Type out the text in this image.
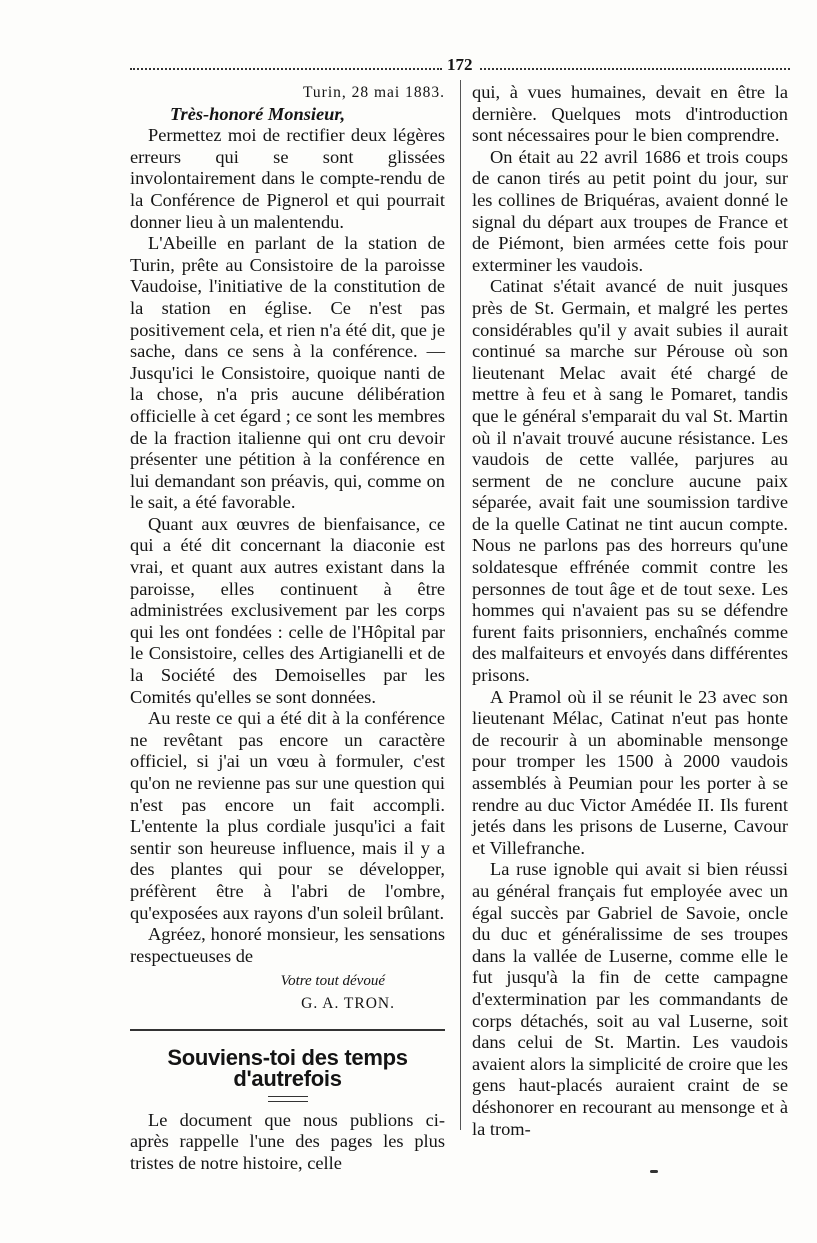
172

Turin, 28 mai 1883.

Très-honoré Monsieur,

Permettez moi de rectifier deux légères erreurs qui se sont glissées involontairement dans le compte-rendu de la Conférence de Pignerol et qui pourrait donner lieu à un malentendu.

L'Abeille en parlant de la station de Turin, prête au Consistoire de la paroisse Vaudoise, l'initiative de la constitution de la station en église. Ce n'est pas positivement cela, et rien n'a été dit, que je sache, dans ce sens à la conférence. — Jusqu'ici le Consistoire, quoique nanti de la chose, n'a pris aucune délibération officielle à cet égard ; ce sont les membres de la fraction italienne qui ont cru devoir présenter une pétition à la conférence en lui demandant son préavis, qui, comme on le sait, a été favorable.

Quant aux œuvres de bienfaisance, ce qui a été dit concernant la diaconie est vrai, et quant aux autres existant dans la paroisse, elles continuent à être administrées exclusivement par les corps qui les ont fondées : celle de l'Hôpital par le Consistoire, celles des Artigianelli et de la Société des Demoiselles par les Comités qu'elles se sont données.

Au reste ce qui a été dit à la conférence ne revêtant pas encore un caractère officiel, si j'ai un vœu à formuler, c'est qu'on ne revienne pas sur une question qui n'est pas encore un fait accompli. L'entente la plus cordiale jusqu'ici a fait sentir son heureuse influence, mais il y a des plantes qui pour se développer, préfèrent être à l'abri de l'ombre, qu'exposées aux rayons d'un soleil brûlant.

Agréez, honoré monsieur, les sensations respectueuses de

Votre tout dévoué

G. A. TRON.

Souviens-toi des temps d'autrefois

Le document que nous publions ci-après rappelle l'une des pages les plus tristes de notre histoire, celle

qui, à vues humaines, devait en être la dernière. Quelques mots d'introduction sont nécessaires pour le bien comprendre.

On était au 22 avril 1686 et trois coups de canon tirés au petit point du jour, sur les collines de Briquéras, avaient donné le signal du départ aux troupes de France et de Piémont, bien armées cette fois pour exterminer les vaudois.

Catinat s'était avancé de nuit jusques près de St. Germain, et malgré les pertes considérables qu'il y avait subies il aurait continué sa marche sur Pérouse où son lieutenant Melac avait été chargé de mettre à feu et à sang le Pomaret, tandis que le général s'emparait du val St. Martin où il n'avait trouvé aucune résistance. Les vaudois de cette vallée, parjures au serment de ne conclure aucune paix séparée, avait fait une soumission tardive de la quelle Catinat ne tint aucun compte. Nous ne parlons pas des horreurs qu'une soldatesque effrénée commit contre les personnes de tout âge et de tout sexe. Les hommes qui n'avaient pas su se défendre furent faits prisonniers, enchaînés comme des malfaiteurs et envoyés dans différentes prisons.

A Pramol où il se réunit le 23 avec son lieutenant Mélac, Catinat n'eut pas honte de recourir à un abominable mensonge pour tromper les 1500 à 2000 vaudois assemblés à Peumian pour les porter à se rendre au duc Victor Amédée II. Ils furent jetés dans les prisons de Luserne, Cavour et Villefranche.

La ruse ignoble qui avait si bien réussi au général français fut employée avec un égal succès par Gabriel de Savoie, oncle du duc et généralissime de ses troupes dans la vallée de Luserne, comme elle le fut jusqu'à la fin de cette campagne d'extermination par les commandants de corps détachés, soit au val Luserne, soit dans celui de St. Martin. Les vaudois avaient alors la simplicité de croire que les gens haut-placés auraient craint de se déshonorer en recourant au mensonge et à la trom-
